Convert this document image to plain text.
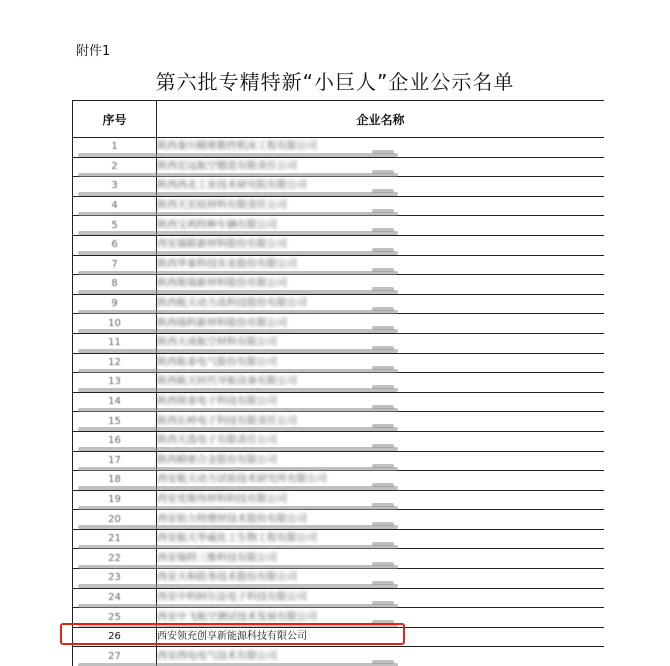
附件1
第六批专精特新“小巨人”企业公示名单
序号	企业名称
1	陕西秦川精密数控机床工程有限公司
2	陕西宏远航空锻造有限责任公司
3	陕西西北工业技术研究院有限公司
4	陕西天宏硅材料有限责任公司
5	陕西宝鸡特种车辆有限公司
6	西安瑞联新材料股份有限公司
7	陕西华秦科技实业股份有限公司
8	陕西斯瑞新材料股份有限公司
9	陕西航天动力高科技股份有限公司
10	陕西瑞科新材料股份有限公司
11	陕西天成航空材料有限公司
12	陕西航泰电气股份有限公司
13	陕西航天时代导航设备有限公司
14	陕西铭泰电子科技有限公司
15	陕西长岭电子科技有限责任公司
16	陕西天选电子有限责任公司
17	陕西精密合金股份有限公司
18	西安航天动力试验技术研究所有限公司
19	西安奕斯伟材料科技有限公司
20	西安铂力特增材技术股份有限公司
21	西安航天华威化工生物工程有限公司
22	西安瑞特三维科技有限公司
23	西安天和防务技术股份有限公司
24	西安中科阿尔法电子科技有限公司
25	西安中飞航空测试技术发展有限公司
26	西安领充创享新能源科技有限公司
27	西安西电电气技术有限公司
